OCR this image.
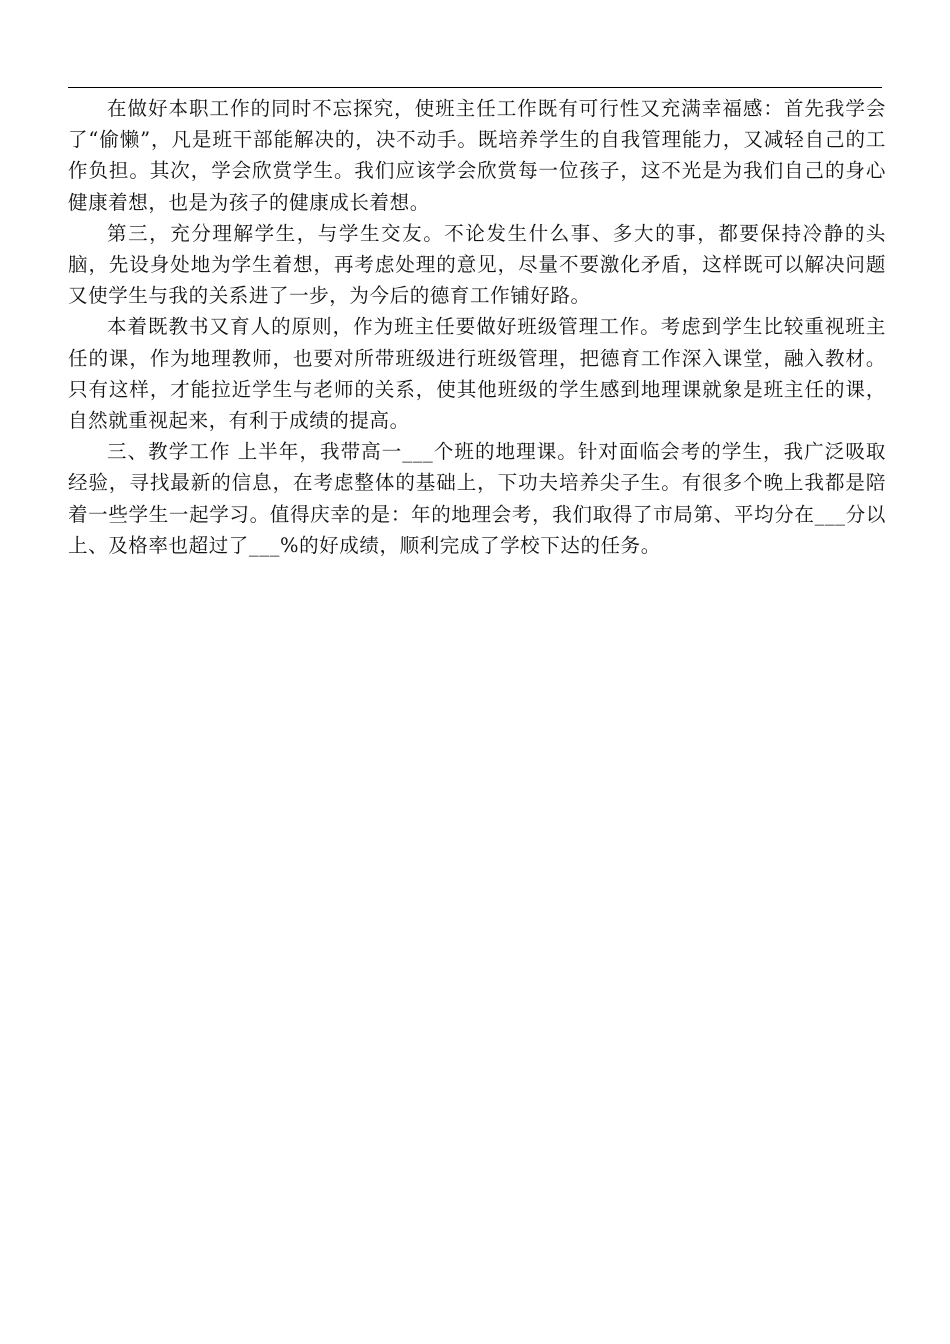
在做好本职工作的同时不忘探究，使班主任工作既有可行性又充满幸福感：首先我学会了“偷懒”，凡是班干部能解决的，决不动手。既培养学生的自我管理能力，又减轻自己的工作负担。其次，学会欣赏学生。我们应该学会欣赏每一位孩子，这不光是为我们自己的身心健康着想，也是为孩子的健康成长着想。

第三，充分理解学生，与学生交友。不论发生什么事、多大的事，都要保持冷静的头脑，先设身处地为学生着想，再考虑处理的意见，尽量不要激化矛盾，这样既可以解决问题又使学生与我的关系进了一步，为今后的德育工作铺好路。

本着既教书又育人的原则，作为班主任要做好班级管理工作。考虑到学生比较重视班主任的课，作为地理教师，也要对所带班级进行班级管理，把德育工作深入课堂，融入教材。只有这样，才能拉近学生与老师的关系，使其他班级的学生感到地理课就象是班主任的课，自然就重视起来，有利于成绩的提高。

三、教学工作 上半年，我带高一___个班的地理课。针对面临会考的学生，我广泛吸取经验，寻找最新的信息，在考虑整体的基础上，下功夫培养尖子生。有很多个晚上我都是陪着一些学生一起学习。值得庆幸的是：年的地理会考，我们取得了市局第、平均分在___分以上、及格率也超过了___%的好成绩，顺利完成了学校下达的任务。
